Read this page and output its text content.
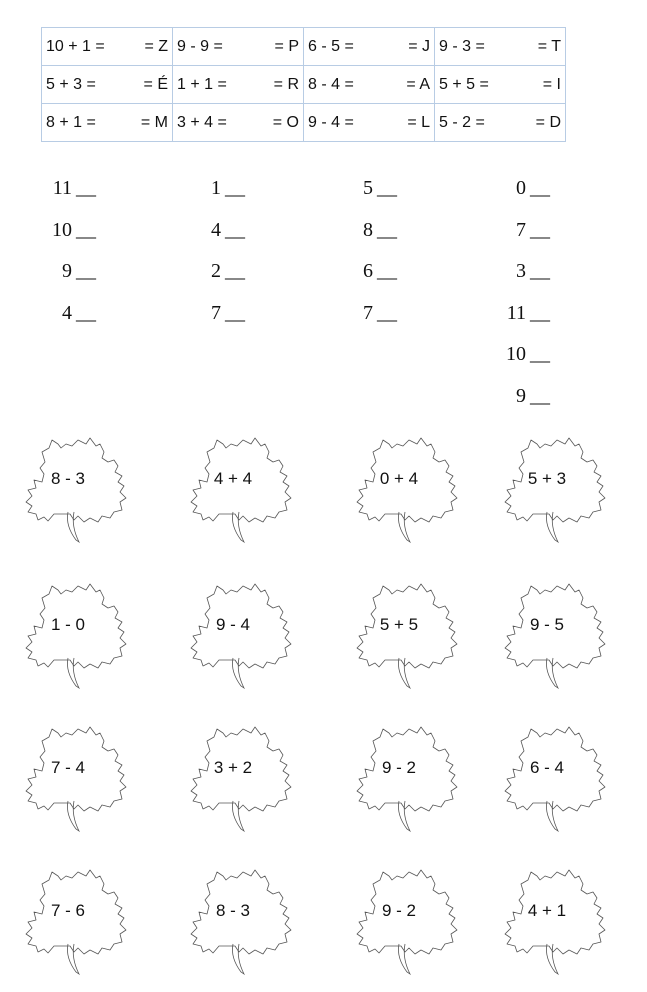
10 + 1 = = Z	9 - 9 = = P	6 - 5 = = J	9 - 3 = = T

5 + 3 = = É	1 + 1 = = R	8 - 4 = = A	5 + 5 = = I

8 + 1 = = M	3 + 4 = = O	9 - 4 = = L	5 - 2 = = D
11 __
10 __
9 __
4 __
1 __
4 __
2 __
7 __
5 __
8 __
6 __
7 __
0 __
7 __
3 __
11 __
10 __
9 __
8 - 3	4 + 4	0 + 4	5 + 3
1 - 0	9 - 4	5 + 5	9 - 5
7 - 4	3 + 2	9 - 2	6 - 4
7 - 6	8 - 3	9 - 2	4 + 1
